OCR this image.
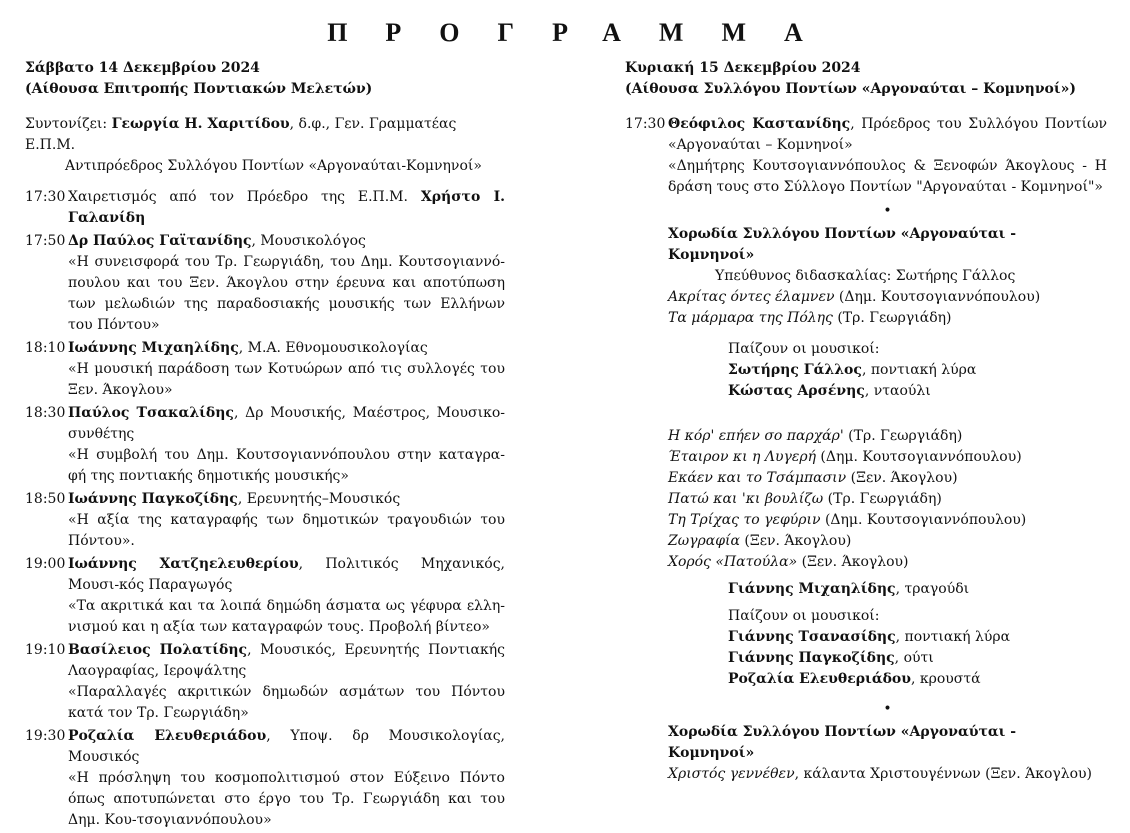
ΠΡΟΓΡΑΜΜΑ
Σάββατο 14 Δεκεμβρίου 2024
(Αίθουσα Επιτροπής Ποντιακών Μελετών)
Συντονίζει: Γεωργία Η. Χαριτίδου, δ.φ., Γεν. Γραμματέας Ε.Π.Μ.
Αντιπρόεδρος Συλλόγου Ποντίων «Αργοναύται-Κομνηνοί»
17:30 Χαιρετισμός από τον Πρόεδρο της Ε.Π.Μ. Χρήστο Ι. Γαλανίδη
17:50 Δρ Παύλος Γαϊτανίδης, Μουσικολόγος
«Η συνεισφορά του Τρ. Γεωργιάδη, του Δημ. Κουτσογιαννό-πουλου και του Ξεν. Άκογλου στην έρευνα και αποτύπωση των μελωδιών της παραδοσιακής μουσικής των Ελλήνων του Πόντου»
18:10 Ιωάννης Μιχαηλίδης, Μ.Α. Εθνομουσικολογίας
«Η μουσική παράδοση των Κοτυώρων από τις συλλογές του Ξεν. Άκογλου»
18:30 Παύλος Τσακαλίδης, Δρ Μουσικής, Μαέστρος, Μουσικο-συνθέτης
«Η συμβολή του Δημ. Κουτσογιαννόπουλου στην καταγρα-φή της ποντιακής δημοτικής μουσικής»
18:50 Ιωάννης Παγκοζίδης, Ερευνητής–Μουσικός
«Η αξία της καταγραφής των δημοτικών τραγουδιών του Πόντου».
19:00 Ιωάννης Χατζηελευθερίου, Πολιτικός Μηχανικός, Μουσι-κός Παραγωγός
«Τα ακριτικά και τα λοιπά δημώδη άσματα ως γέφυρα ελλη-νισμού και η αξία των καταγραφών τους. Προβολή βίντεο»
19:10 Βασίλειος Πολατίδης, Μουσικός, Ερευνητής Ποντιακής Λαογραφίας, Ιεροψάλτης
«Παραλλαγές ακριτικών δημωδών ασμάτων του Πόντου κατά τον Τρ. Γεωργιάδη»
19:30 Ροζαλία Ελευθεριάδου, Υποψ. δρ Μουσικολογίας, Μουσικός
«Η πρόσληψη του κοσμοπολιτισμού στον Εύξεινο Πόντο όπως αποτυπώνεται στο έργο του Τρ. Γεωργιάδη και του Δημ. Κου-τσογιαννόπουλου»
Κυριακή 15 Δεκεμβρίου 2024
(Αίθουσα Συλλόγου Ποντίων «Αργοναύται – Κομνηνοί»)
17:30 Θεόφιλος Καστανίδης, Πρόεδρος του Συλλόγου Ποντίων «Αργοναύται – Κομνηνοί»
«Δημήτρης Κουτσογιαννόπουλος & Ξενοφών Άκογλους - Η δράση τους στο Σύλλογο Ποντίων "Αργοναύται - Κομνηνοί"»
•
Χορωδία Συλλόγου Ποντίων «Αργοναύται - Κομνηνοί»
Υπεύθυνος διδασκαλίας: Σωτήρης Γάλλος
Ακρίτας όντες έλαμνεν (Δημ. Κουτσογιαννόπουλου)
Τα μάρμαρα της Πόλης (Τρ. Γεωργιάδη)
Παίζουν οι μουσικοί:
Σωτήρης Γάλλος, ποντιακή λύρα
Κώστας Αρσένης, νταούλι
Η κόρ' επήεν σο παρχάρ' (Τρ. Γεωργιάδη)
Έταιρον κι η Λυγερή (Δημ. Κουτσογιαννόπουλου)
Εκάεν και το Τσάμπασιν (Ξεν. Άκογλου)
Πατώ και 'κι βουλίζω (Τρ. Γεωργιάδη)
Τη Τρίχας το γεφύριν (Δημ. Κουτσογιαννόπουλου)
Ζωγραφία (Ξεν. Άκογλου)
Χορός «Πατούλα» (Ξεν. Άκογλου)
Γιάννης Μιχαηλίδης, τραγούδι
Παίζουν οι μουσικοί:
Γιάννης Τσανασίδης, ποντιακή λύρα
Γιάννης Παγκοζίδης, ούτι
Ροζαλία Ελευθεριάδου, κρουστά
•
Χορωδία Συλλόγου Ποντίων «Αργοναύται - Κομνηνοί»
Χριστός γεννέθεν, κάλαντα Χριστουγέννων (Ξεν. Άκογλου)
